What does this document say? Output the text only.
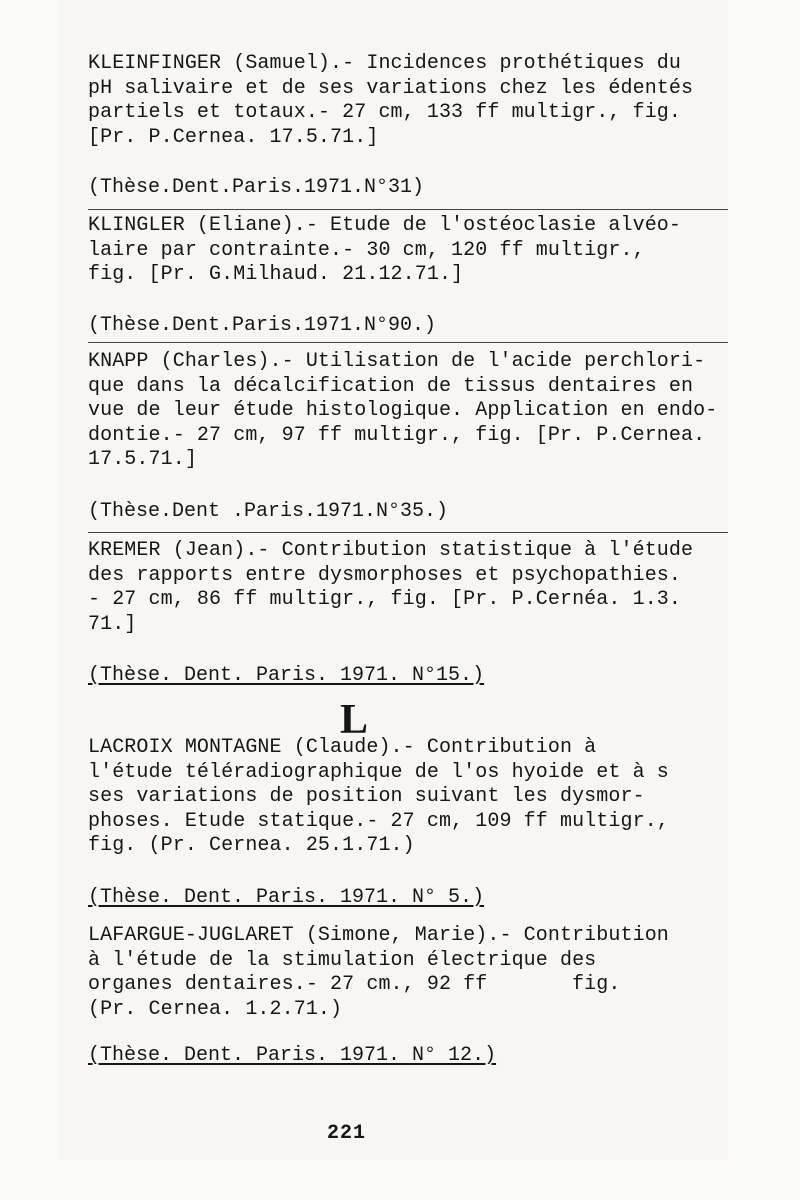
KLEINFINGER (Samuel).- Incidences prothétiques du

pH salivaire et de ses variations chez les édentés

partiels et totaux.- 27 cm, 133 ff multigr., fig.

[Pr. P.Cernea. 17.5.71.]

(Thèse.Dent.Paris.1971.N°31)

KLINGLER (Eliane).- Etude de l'ostéoclasie alvéo-

laire par contrainte.- 30 cm, 120 ff multigr.,

fig. [Pr. G.Milhaud. 21.12.71.]

(Thèse.Dent.Paris.1971.N°90.)

KNAPP (Charles).- Utilisation de l'acide perchlori-

que dans la décalcification de tissus dentaires en

vue de leur étude histologique. Application en endo-

dontie.- 27 cm, 97 ff multigr., fig. [Pr. P.Cernea.

17.5.71.]

(Thèse.Dent .Paris.1971.N°35.)

KREMER (Jean).- Contribution statistique à l'étude

des rapports entre dysmorphoses et psychopathies.

- 27 cm, 86 ff multigr., fig. [Pr. P.Cernéa. 1.3.

71.]

(Thèse. Dent. Paris. 1971. N°15.)
L

LACROIX MONTAGNE (Claude).- Contribution à

l'étude téléradiographique de l'os hyoide et à s

ses variations de position suivant les dysmor-

phoses. Etude statique.- 27 cm, 109 ff multigr.,

fig. (Pr. Cernea. 25.1.71.)

(Thèse. Dent. Paris. 1971. N° 5.)

LAFARGUE-JUGLARET (Simone, Marie).- Contribution

à l'étude de la stimulation électrique des

organes dentaires.- 27 cm., 92 ff       fig.

(Pr. Cernea. 1.2.71.)

(Thèse. Dent. Paris. 1971. N° 12.)
221
